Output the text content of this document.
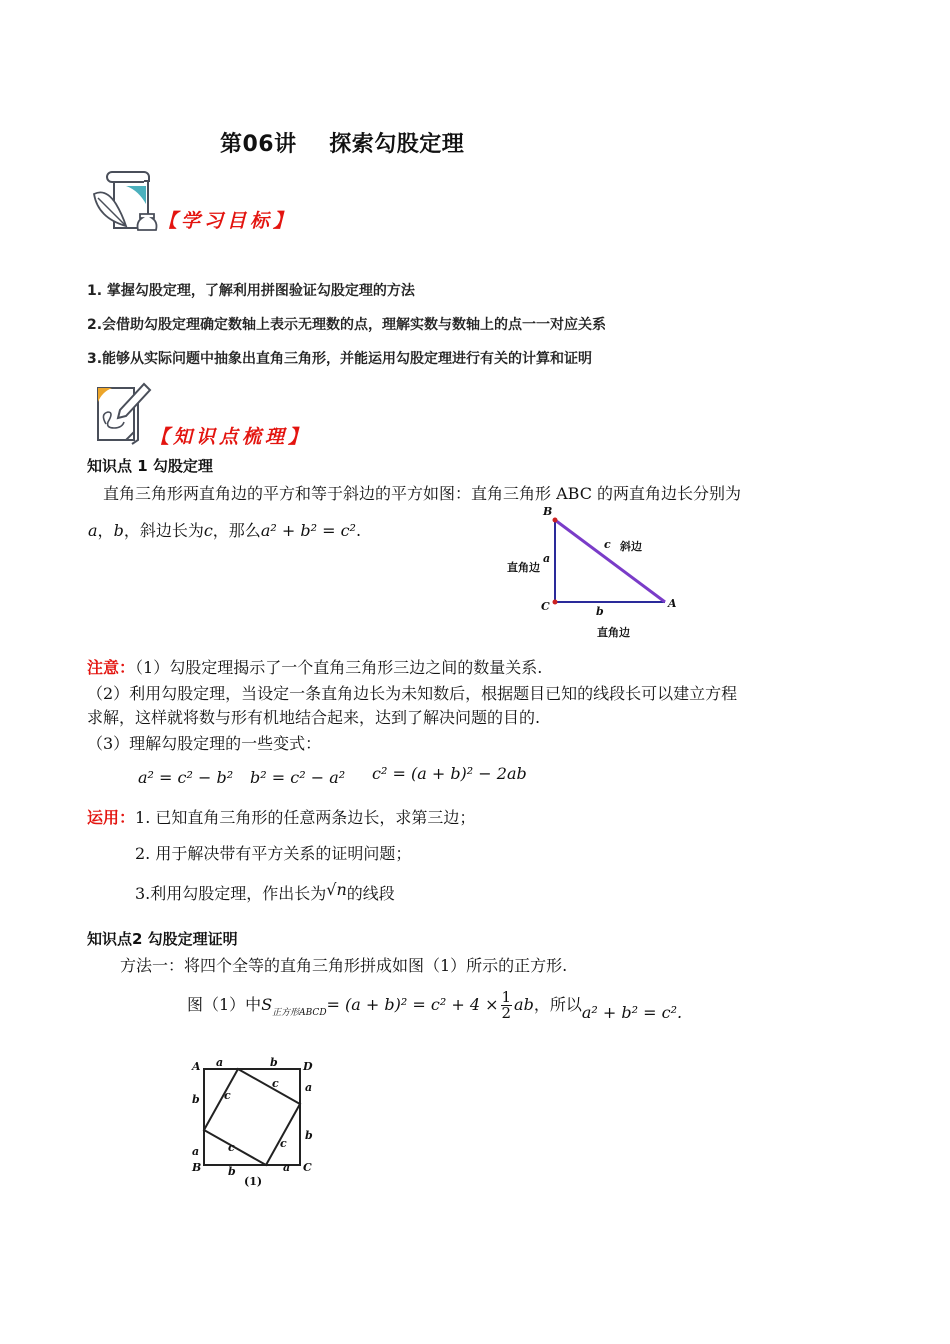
第06讲    探索勾股定理
【学习目标】
1. 掌握勾股定理，了解利用拼图验证勾股定理的方法
2.会借助勾股定理确定数轴上表示无理数的点，理解实数与数轴上的点一一对应关系
3.能够从实际问题中抽象出直角三角形，并能运用勾股定理进行有关的计算和证明
【知识点梳理】
知识点 1 勾股定理
直角三角形两直角边的平方和等于斜边的平方如图：直角三角形 ABC 的两直角边长分别为
a，b，斜边长为c，那么a² + b² = c².
B
C	A
c 斜边
a
直角边
b
直角边
注意：（1）勾股定理揭示了一个直角三角形三边之间的数量关系.
（2）利用勾股定理，当设定一条直角边长为未知数后，根据题目已知的线段长可以建立方程
求解，这样就将数与形有机地结合起来，达到了解决问题的目的.
（3）理解勾股定理的一些变式：
a² = c² − b² b² = c² − a² c² = (a + b)² − 2ab
运用：1. 已知直角三角形的任意两条边长，求第三边；
2. 用于解决带有平方关系的证明问题；
3.利用勾股定理，作出长为√n的线段
知识点2 勾股定理证明
方法一：将四个全等的直角三角形拼成如图（1）所示的正方形.
图（1）中$S_{正方形ABCD}= (a + b)^2 = c^2 + 4 \times \frac{1}{2}$ ab，所以a² + b² = c².
A	D
B	C
a	b
a
b
b	a
b
a
c
c
c
c
(1)
